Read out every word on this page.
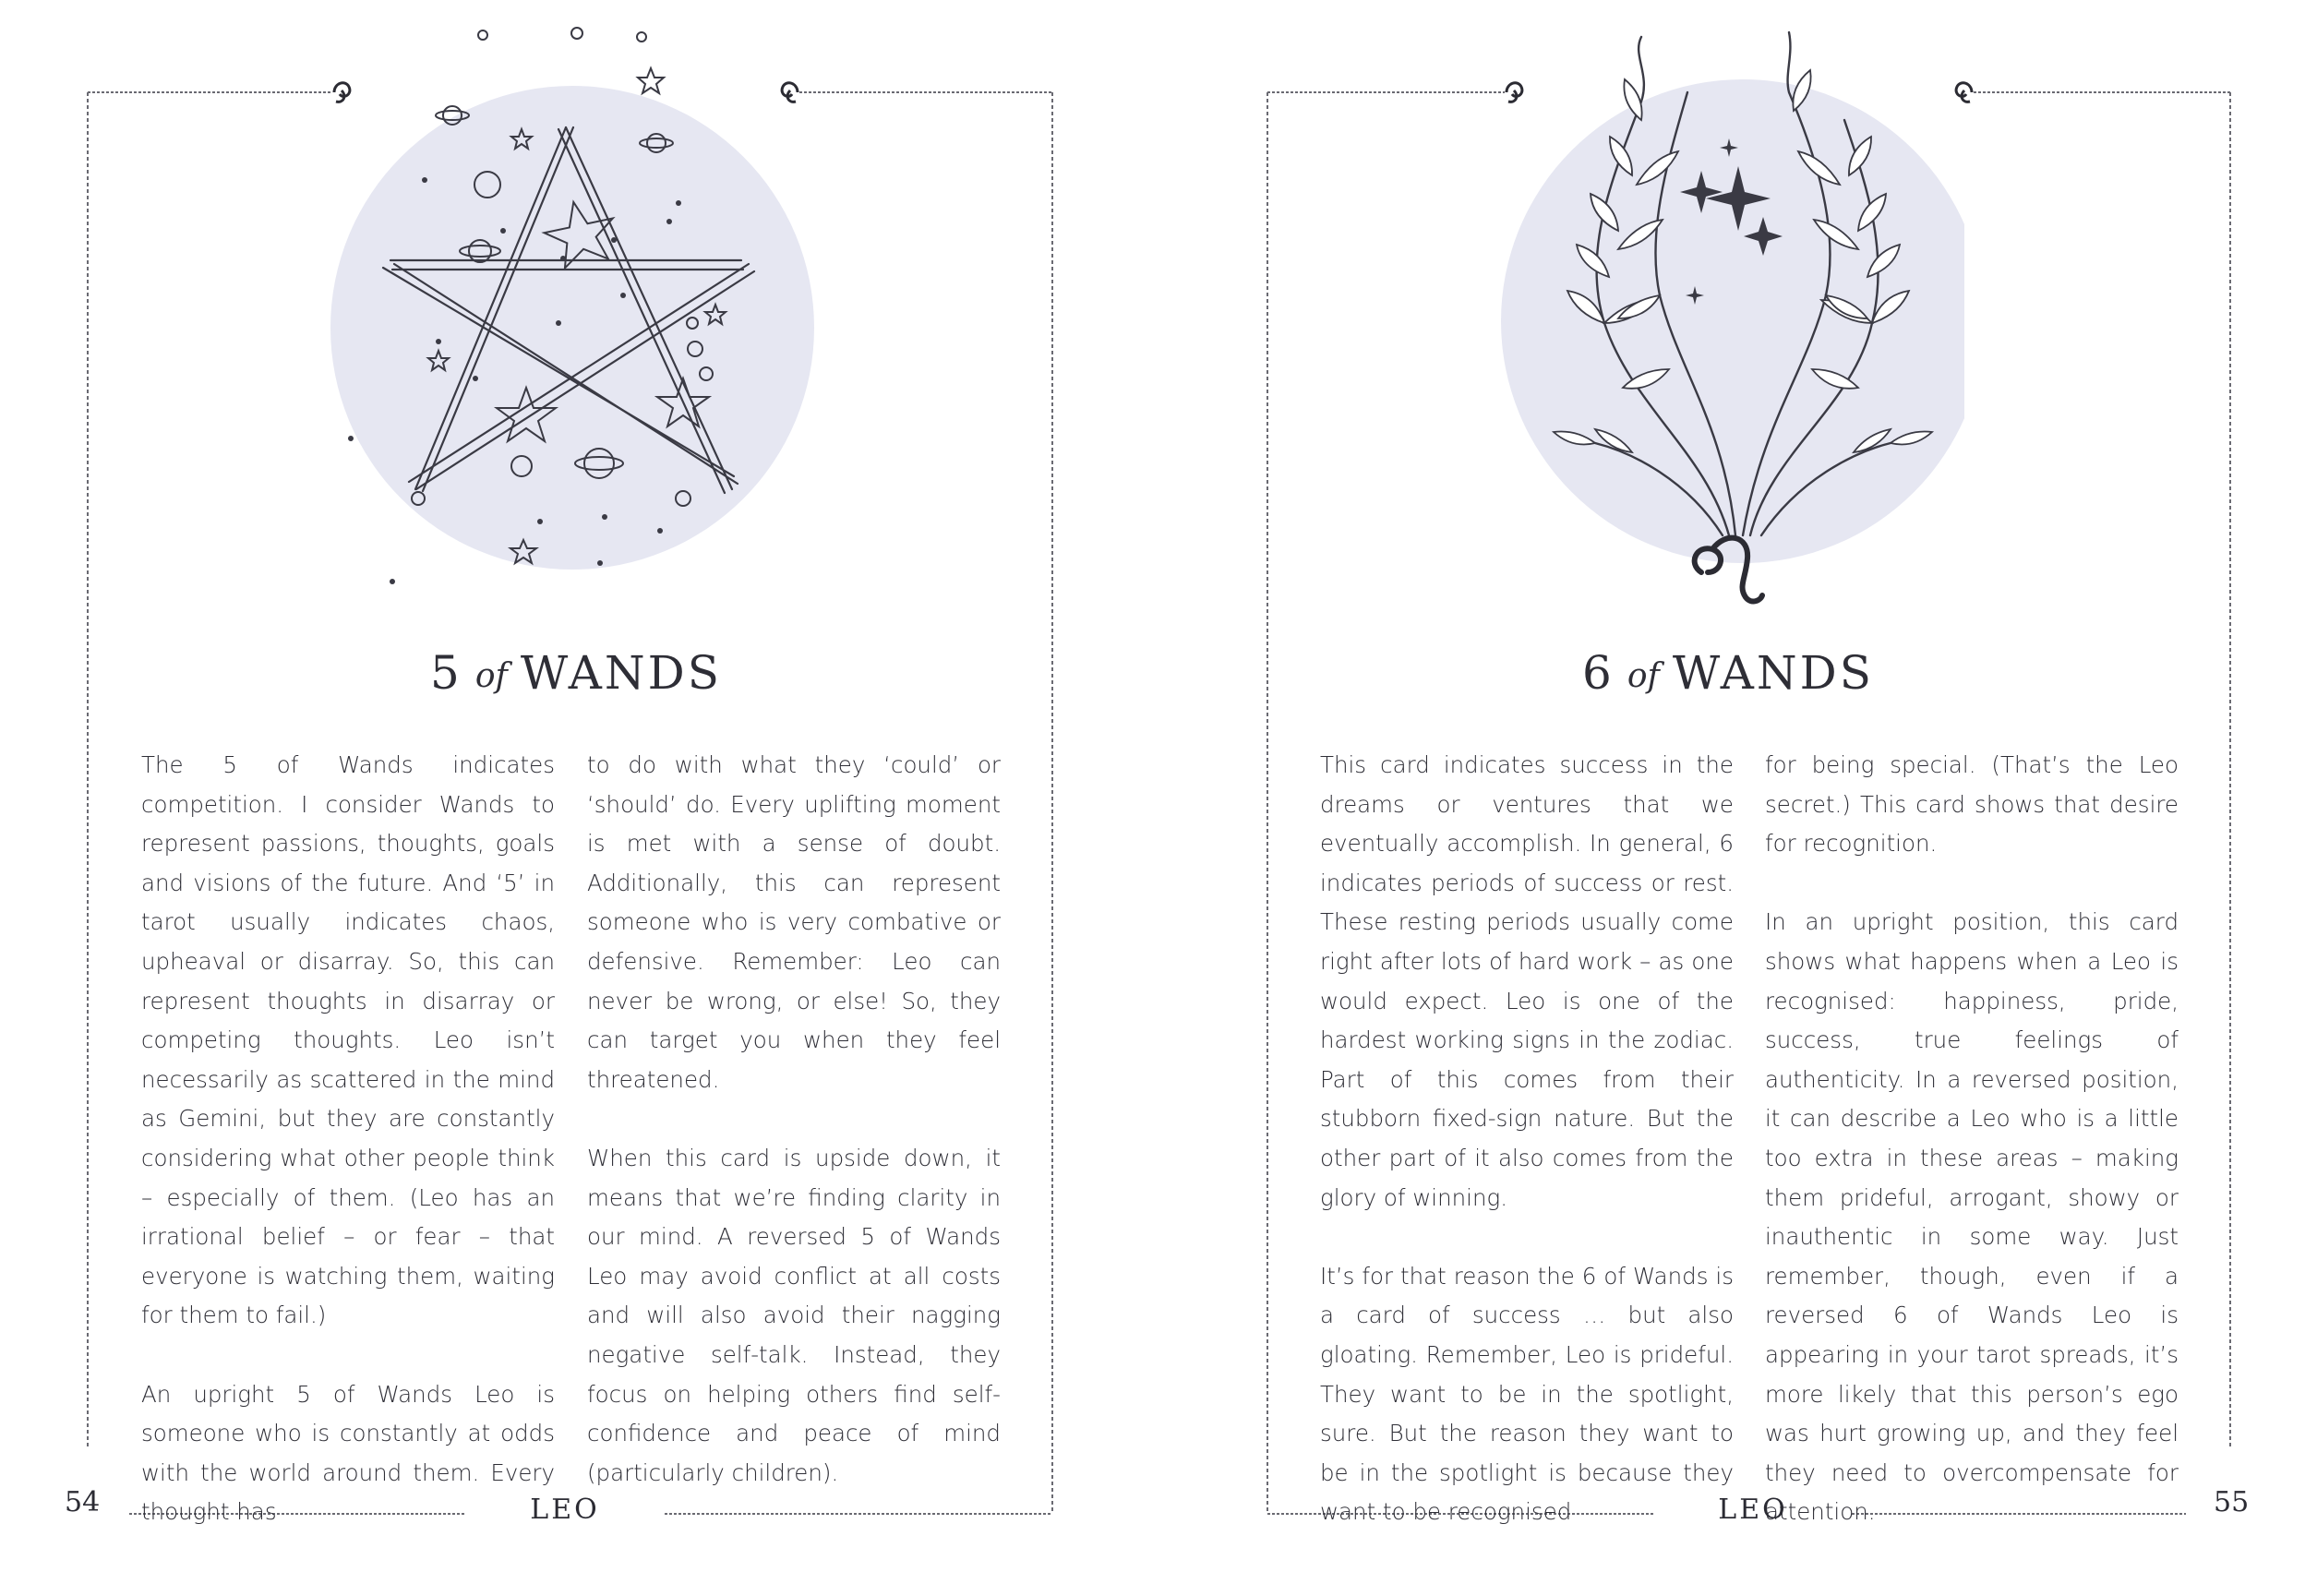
5 of WANDS

The 5 of Wands indicates competition. I consider Wands to represent passions, thoughts, goals and visions of the future. And ‘5’ in tarot usually indicates chaos, upheaval or disarray. So, this can represent thoughts in disarray or competing thoughts. Leo isn’t necessarily as scattered in the mind as Gemini, but they are constantly considering what other people think – especially of them. (Leo has an irrational belief – or fear – that everyone is watching them, waiting for them to fail.)

An upright 5 of Wands Leo is someone who is constantly at odds with the world around them. Every thought has

to do with what they ‘could’ or ‘should’ do. Every uplifting moment is met with a sense of doubt. Additionally, this can represent someone who is very combative or defensive. Remember: Leo can never be wrong, or else! So, they can target you when they feel threatened.

When this card is upside down, it means that we’re finding clarity in our mind. A reversed 5 of Wands Leo may avoid conflict at all costs and will also avoid their nagging negative self-talk. Instead, they focus on helping others find self-confidence and peace of mind (particularly children).

54	LEO
6 of WANDS

This card indicates success in the dreams or ventures that we eventually accomplish. In general, 6 indicates periods of success or rest. These resting periods usually come right after lots of hard work – as one would expect. Leo is one of the hardest working signs in the zodiac. Part of this comes from their stubborn fixed-sign nature. But the other part of it also comes from the glory of winning.

It’s for that reason the 6 of Wands is a card of success … but also gloating. Remember, Leo is prideful. They want to be in the spotlight, sure. But the reason they want to be in the spotlight is because they want to be recognised

for being special. (That’s the Leo secret.) This card shows that desire for recognition.

In an upright position, this card shows what happens when a Leo is recognised: happiness, pride, success, true feelings of authenticity. In a reversed position, it can describe a Leo who is a little too extra in these areas – making them prideful, arrogant, showy or inauthentic in some way. Just remember, though, even if a reversed 6 of Wands Leo is appearing in your tarot spreads, it’s more likely that this person’s ego was hurt growing up, and they feel they need to overcompensate for attention.	55
LEO
